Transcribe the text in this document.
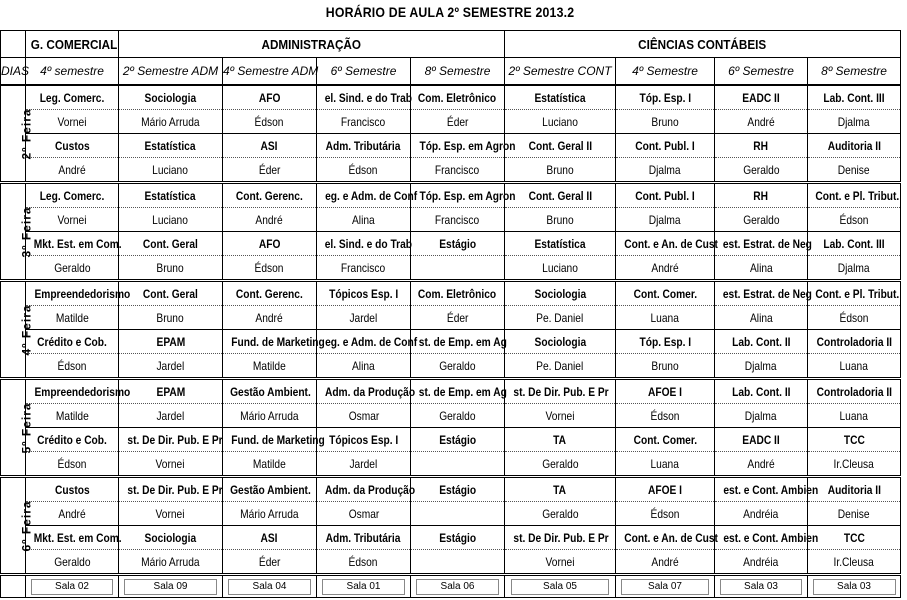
HORÁRIO DE AULA 2º SEMESTRE 2013.2
	G. COMERCIAL	ADMINISTRAÇÃO				CIÊNCIAS CONTÁBEIS			
DIAS	4º semestre	2º Semestre ADM	4º Semestre ADM	6º Semestre	8º Semestre	2º Semestre CONT	4º Semestre	6º Semestre	8º Semestre
2º Feira	Leg. Comerc.	Sociologia	AFO	el. Sind. e do Trab	Com. Eletrônico	Estatística	Tóp. Esp. I	EADC II	Lab. Cont. III
	Vornei	Mário Arruda	Édson	Francisco	Éder	Luciano	Bruno	André	Djalma
	Custos	Estatística	ASI	Adm. Tributária	Tóp. Esp. em Agron	Cont. Geral II	Cont. Publ. I	RH	Auditoria II
	André	Luciano	Éder	Édson	Francisco	Bruno	Djalma	Geraldo	Denise
3º Feira	Leg. Comerc.	Estatística	Cont. Gerenc.	eg. e Adm. de Conf	Tóp. Esp. em Agron	Cont. Geral II	Cont. Publ. I	RH	Cont. e Pl. Tribut.
	Vornei	Luciano	André	Alina	Francisco	Bruno	Djalma	Geraldo	Édson
	Mkt. Est. em Com.	Cont. Geral	AFO	el. Sind. e do Trab	Estágio	Estatística	Cont. e An. de Cust	est. Estrat. de Neg	Lab. Cont. III
	Geraldo	Bruno	Édson	Francisco		Luciano	André	Alina	Djalma
4º Feira	Empreendedorismo	Cont. Geral	Cont. Gerenc.	Tópicos Esp. I	Com. Eletrônico	Sociologia	Cont. Comer.	est. Estrat. de Neg	Cont. e Pl. Tribut.
	Matilde	Bruno	André	Jardel	Éder	Pe. Daniel	Luana	Alina	Édson
	Crédito e Cob.	EPAM	Fund. de Marketing	eg. e Adm. de Conf	st. de Emp. em Ag	Sociologia	Tóp. Esp. I	Lab. Cont. II	Controladoria II
	Édson	Jardel	Matilde	Alina	Geraldo	Pe. Daniel	Bruno	Djalma	Luana
5º Feira	Empreendedorismo	EPAM	Gestão Ambient.	Adm. da Produção	st. de Emp. em Ag	st. De Dir. Pub. E Pr	AFOE I	Lab. Cont. II	Controladoria II
	Matilde	Jardel	Mário Arruda	Osmar	Geraldo	Vornei	Édson	Djalma	Luana
	Crédito e Cob.	st. De Dir. Pub. E Pr	Fund. de Marketing	Tópicos Esp. I	Estágio	TA	Cont. Comer.	EADC II	TCC
	Édson	Vornei	Matilde	Jardel		Geraldo	Luana	André	Ir.Cleusa
6º Feira	Custos	st. De Dir. Pub. E Pr	Gestão Ambient.	Adm. da Produção	Estágio	TA	AFOE I	est. e Cont. Ambien	Auditoria II
	André	Vornei	Mário Arruda	Osmar		Geraldo	Édson	Andréia	Denise
	Mkt. Est. em Com.	Sociologia	ASI	Adm. Tributária	Estágio	st. De Dir. Pub. E Pr	Cont. e An. de Cust	est. e Cont. Ambien	TCC
	Geraldo	Mário Arruda	Éder	Édson		Vornei	André	Andréia	Ir.Cleusa
	Sala 02	Sala 09	Sala 04	Sala 01	Sala 06	Sala 05	Sala 07	Sala 03	Sala 03
